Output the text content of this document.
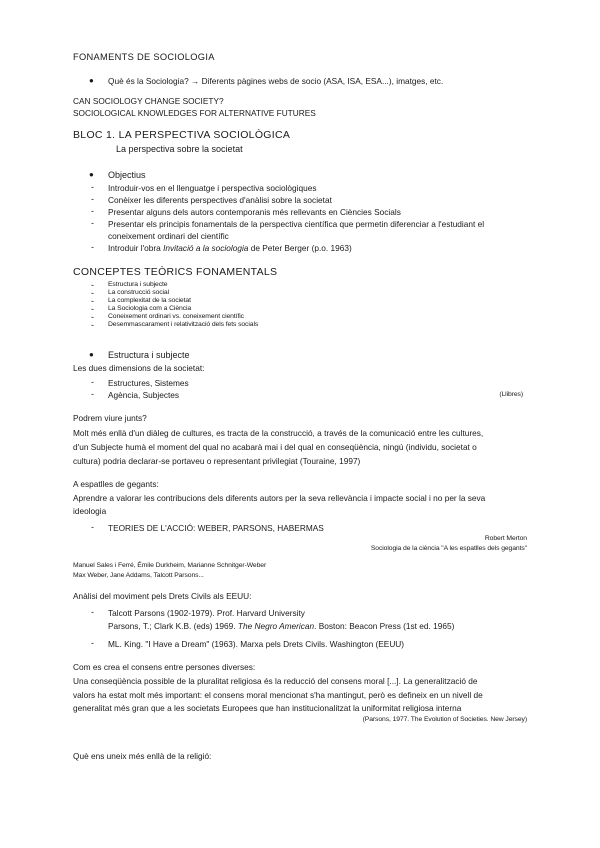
FONAMENTS DE SOCIOLOGIA
● Què és la Sociologia? → Diferents pàgines webs de socio (ASA, ISA, ESA...), imatges, etc.
CAN SOCIOLOGY CHANGE SOCIETY?
SOCIOLOGICAL KNOWLEDGES FOR ALTERNATIVE FUTURES
BLOC 1. LA PERSPECTIVA SOCIOLÒGICA
La perspectiva sobre la societat
● Objectius
- Introduir-vos en el llenguatge i perspectiva sociològiques
- Conèixer les diferents perspectives d'anàlisi sobre la societat
- Presentar alguns dels autors contemporanis més rellevants en Ciències Socials
- Presentar els principis fonamentals de la perspectiva científica que permetin diferenciar a l'estudiant el
coneixement ordinari del científic
- Introduir l'obra Invitació a la sociologia de Peter Berger (p.o. 1963)
CONCEPTES TEÒRICS FONAMENTALS
- Estructura i subjecte
- La construcció social
- La complexitat de la societat
- La Sociologia com a Ciència
- Coneixement ordinari vs. coneixement científic
- Desemmascarament i relativització dels fets socials
● Estructura i subjecte
Les dues dimensions de la societat:
- Estructures, Sistemes
- Agència, Subjectes	(Llibres)
Podrem viure junts?
Molt més enllà d'un diàleg de cultures, es tracta de la construcció, a través de la comunicació entre les cultures,
d'un Subjecte humà el moment del qual no acabarà mai i del qual en conseqüència, ningú (individu, societat o
cultura) podria declarar-se portaveu o representant privilegiat (Touraine, 1997)
A espatlles de gegants:
Aprendre a valorar les contribucions dels diferents autors per la seva rellevància i impacte social i no per la seva
ideologia
- TEORIES DE L'ACCIÓ: WEBER, PARSONS, HABERMAS
Robert Merton
Sociologia de la ciència "A les espatlles dels gegants"
Manuel Sales i Ferré, Émile Durkheim, Marianne Schnitger-Weber
Max Weber, Jane Addams, Talcott Parsons...
Anàlisi del moviment pels Drets Civils als EEUU:
- Talcott Parsons (1902-1979). Prof. Harvard University
Parsons, T.; Clark K.B. (eds) 1969. The Negro American. Boston: Beacon Press (1st ed. 1965)
- ML. King. "I Have a Dream" (1963). Marxa pels Drets Civils. Washington (EEUU)
Com es crea el consens entre persones diverses:
Una conseqüència possible de la pluralitat religiosa és la reducció del consens moral [...]. La generalització de
valors ha estat molt més important: el consens moral mencionat s'ha mantingut, però es defineix en un nivell de
generalitat més gran que a les societats Europees que han institucionalitzat la uniformitat religiosa interna
(Parsons, 1977. The Evolution of Societies. New Jersey)
Què ens uneix més enllà de la religió:
